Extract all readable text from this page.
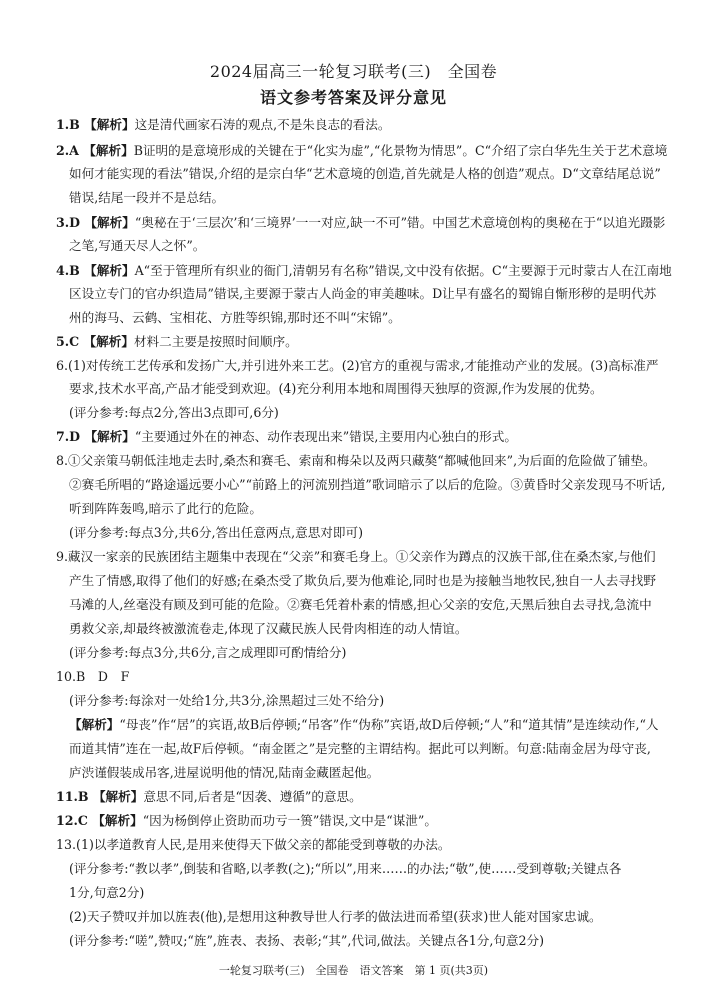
2024届高三一轮复习联考(三)　全国卷
语文参考答案及评分意见
1.B 【解析】这是清代画家石涛的观点,不是朱良志的看法。
2.A 【解析】B证明的是意境形成的关键在于“化实为虚”,“化景物为情思”。C“介绍了宗白华先生关于艺术意境
如何才能实现的看法”错误,介绍的是宗白华“艺术意境的创造,首先就是人格的创造”观点。D“文章结尾总说”
错误,结尾一段并不是总结。
3.D 【解析】“奥秘在于‘三层次’和‘三境界’一一对应,缺一不可”错。中国艺术意境创构的奥秘在于“以追光蹑影
之笔,写通天尽人之怀”。
4.B 【解析】A“至于管理所有织业的衙门,清朝另有名称”错误,文中没有依据。C“主要源于元时蒙古人在江南地
区设立专门的官办织造局”错误,主要源于蒙古人尚金的审美趣味。D让早有盛名的蜀锦自惭形秽的是明代苏
州的海马、云鹤、宝相花、方胜等织锦,那时还不叫“宋锦”。
5.C 【解析】材料二主要是按照时间顺序。
6.(1)对传统工艺传承和发扬广大,并引进外来工艺。(2)官方的重视与需求,才能推动产业的发展。(3)高标准严
要求,技术水平高,产品才能受到欢迎。(4)充分利用本地和周围得天独厚的资源,作为发展的优势。
(评分参考:每点2分,答出3点即可,6分)
7.D 【解析】“主要通过外在的神态、动作表现出来”错误,主要用内心独白的形式。
8.①父亲策马朝低洼地走去时,桑杰和赛毛、索南和梅朵以及两只藏獒“都喊他回来”,为后面的危险做了铺垫。
②赛毛所唱的“路途遥远要小心”“前路上的河流别挡道”歌词暗示了以后的危险。③黄昏时父亲发现马不听话,
听到阵阵轰鸣,暗示了此行的危险。
(评分参考:每点3分,共6分,答出任意两点,意思对即可)
9.藏汉一家亲的民族团结主题集中表现在“父亲”和赛毛身上。①父亲作为蹲点的汉族干部,住在桑杰家,与他们
产生了情感,取得了他们的好感;在桑杰受了欺负后,要为他难论,同时也是为接触当地牧民,独自一人去寻找野
马滩的人,丝毫没有顾及到可能的危险。②赛毛凭着朴素的情感,担心父亲的安危,天黑后独自去寻找,急流中
勇救父亲,却最终被激流卷走,体现了汉藏民族人民骨肉相连的动人情谊。
(评分参考:每点3分,共6分,言之成理即可酌情给分)
10.B　D　F
(评分参考:每涂对一处给1分,共3分,涂黑超过三处不给分)
【解析】“母丧”作“居”的宾语,故B后停顿;“吊客”作“伪称”宾语,故D后停顿;“人”和“道其情”是连续动作,“人
而道其情”连在一起,故F后停顿。“南金匿之”是完整的主谓结构。据此可以判断。句意:陆南金居为母守丧,
庐渋谨假装成吊客,进屋说明他的情况,陆南金藏匿起他。
11.B 【解析】意思不同,后者是“因袭、遵循”的意思。
12.C 【解析】“因为杨倒停止资助而功亏一篑”错误,文中是“谋泄”。
13.(1)以孝道教育人民,是用来使得天下做父亲的都能受到尊敬的办法。
(评分参考:“教以孝”,倒装和省略,以孝教(之);“所以”,用来……的办法;“敬”,使……受到尊敬;关键点各
1分,句意2分)
(2)天子赞叹并加以旌表(他),是想用这种教导世人行孝的做法进而希望(获求)世人能对国家忠诚。
(评分参考:“嗟”,赞叹;“旌”,旌表、表扬、表彰;“其”,代词,做法。关键点各1分,句意2分)
一轮复习联考(三)　全国卷　语文答案　第 1 页(共3页)
